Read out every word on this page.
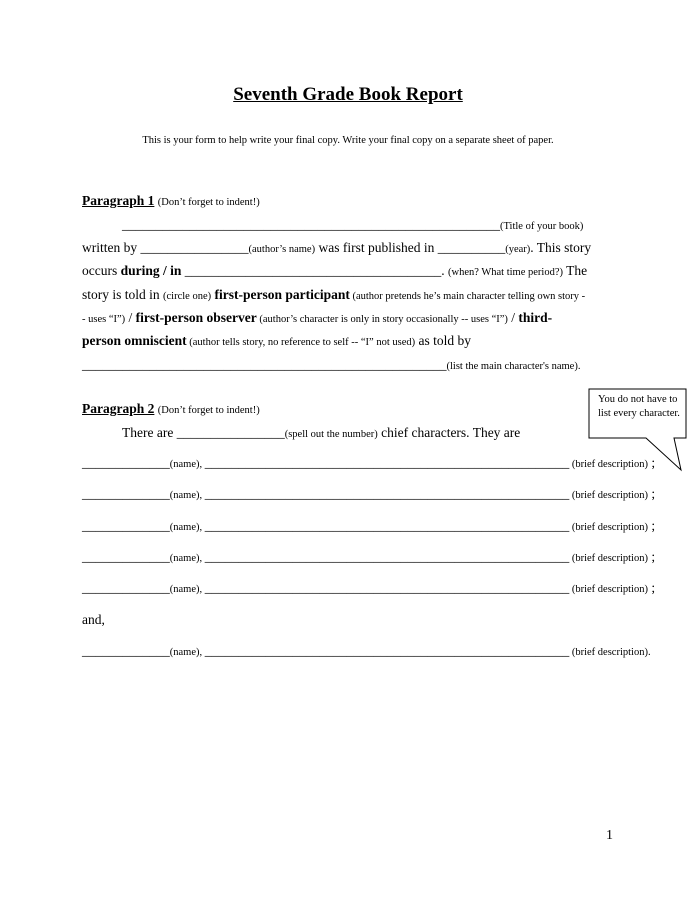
Seventh Grade Book Report
This is your form to help write your final copy. Write your final copy on a separate sheet of paper.
Paragraph 1 (Don’t forget to indent!)
________________________________________________________(Title of your book)
written by ________________(author’s name) was first published in __________(year). This story
occurs during / in ______________________________________. (when? What time period?) The
story is told in (circle one) first-person participant (author pretends he’s main character telling own story -
- uses “I”) / first-person observer (author’s character is only in story occasionally -- uses “I”) / third-
person omniscient (author tells story, no reference to self -- “I” not used) as told by
______________________________________________________(list the main character's name).
Paragraph 2 (Don’t forget to indent!)
There are ________________(spell out the number) chief characters. They are
_____________(name), ______________________________________________________ (brief description) ;
_____________(name), ______________________________________________________ (brief description) ;
_____________(name), ______________________________________________________ (brief description) ;
_____________(name), ______________________________________________________ (brief description) ;
_____________(name), ______________________________________________________ (brief description) ;
and,
_____________(name), ______________________________________________________ (brief description).
You do not have to list every character.
1
